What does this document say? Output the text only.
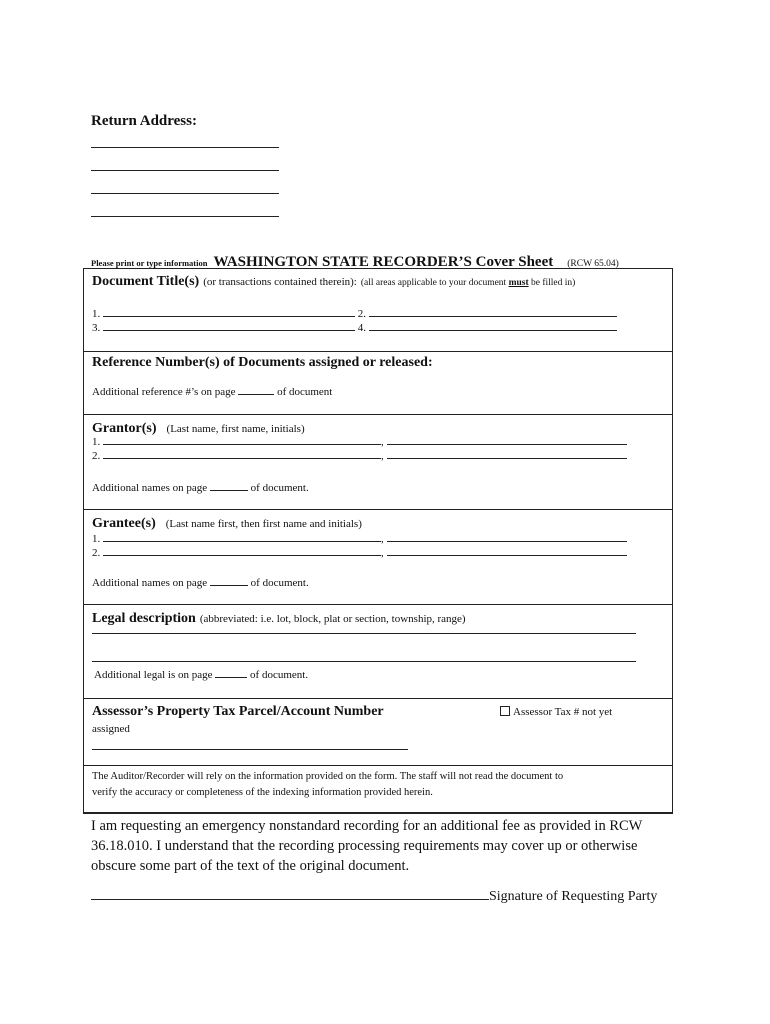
Return Address:

Please print or type information WASHINGTON STATE RECORDER’S Cover Sheet (RCW 65.04)
Document Title(s) (or transactions contained therein): (all areas applicable to your document must be filled in)
1.	2.
3.	4.
Reference Number(s) of Documents assigned or released:
Additional reference #’s on page	of document
Grantor(s) (Last name, first name, initials)
1.	,
2.	,
Additional names on page	of document.
Grantee(s) (Last name first, then first name and initials)
1.	,
2.	,
Additional names on page	of document.
Legal description (abbreviated: i.e. lot, block, plat or section, township, range)
Additional legal is on page	of document.
Assessor’s Property Tax Parcel/Account Number	Assessor Tax # not yet
assigned
The Auditor/Recorder will rely on the information provided on the form. The staff will not read the document to
verify the accuracy or completeness of the indexing information provided herein.
I am requesting an emergency nonstandard recording for an additional fee as provided in RCW 36.18.010. I understand that the recording processing requirements may cover up or otherwise obscure some part of the text of the original document.
Signature of Requesting Party
